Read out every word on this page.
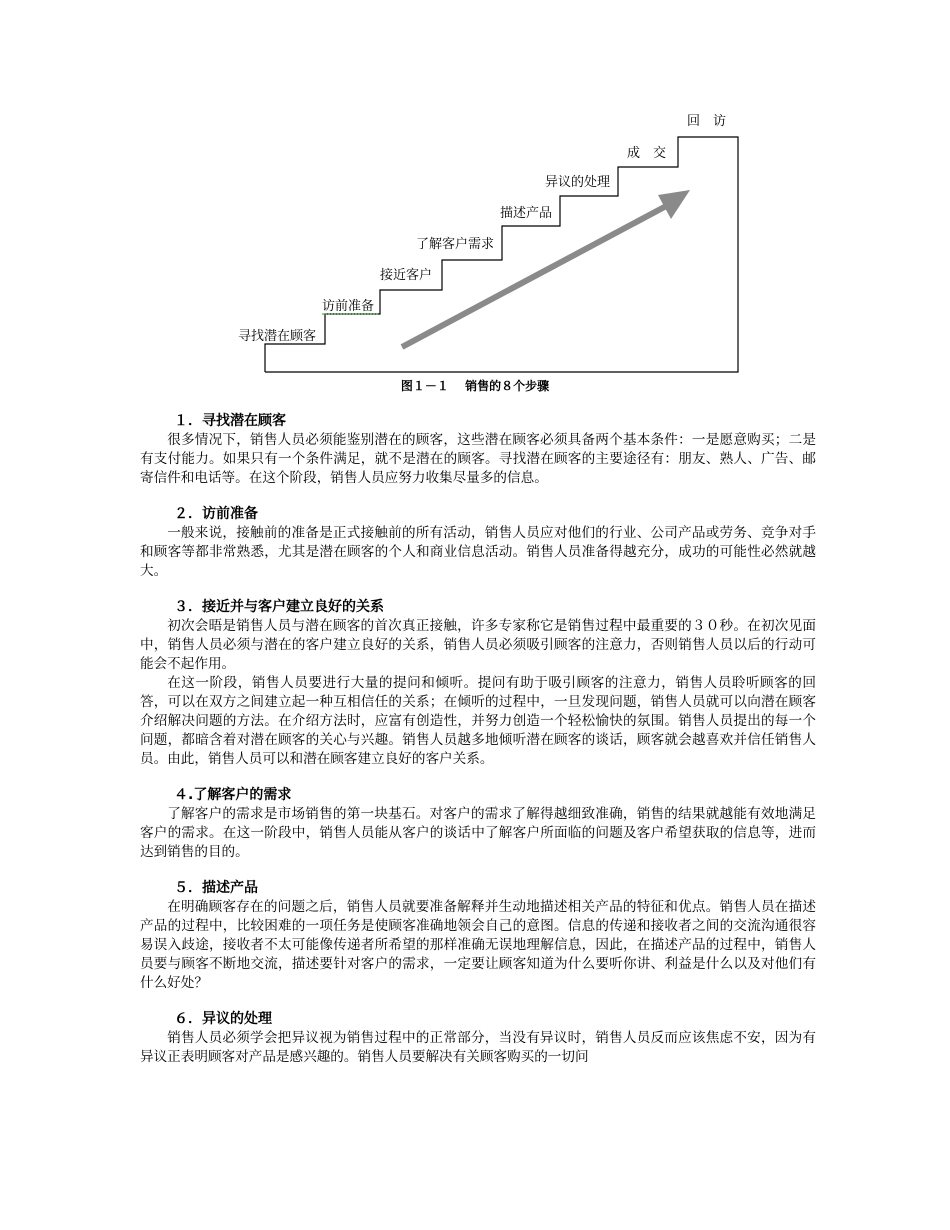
寻找潜在顾客
访前准备
接近客户
了解客户需求
描述产品
异议的处理
成　交
回　访
图１－１　 销售的８个步骤
１．寻找潜在顾客

很多情况下，销售人员必须能鉴别潜在的顾客，这些潜在顾客必须具备两个基本条件：一是愿意购买；二是有支付能力。如果只有一个条件满足，就不是潜在的顾客。寻找潜在顾客的主要途径有：朋友、熟人、广告、邮寄信件和电话等。在这个阶段，销售人员应努力收集尽量多的信息。

２．访前准备

一般来说，接触前的准备是正式接触前的所有活动，销售人员应对他们的行业、公司产品或劳务、竞争对手和顾客等都非常熟悉，尤其是潜在顾客的个人和商业信息活动。销售人员准备得越充分，成功的可能性必然就越大。

３．接近并与客户建立良好的关系

初次会晤是销售人员与潜在顾客的首次真正接触，许多专家称它是销售过程中最重要的３０秒。在初次见面中，销售人员必须与潜在的客户建立良好的关系，销售人员必须吸引顾客的注意力，否则销售人员以后的行动可能会不起作用。

在这一阶段，销售人员要进行大量的提问和倾听。提问有助于吸引顾客的注意力，销售人员聆听顾客的回答，可以在双方之间建立起一种互相信任的关系；在倾听的过程中，一旦发现问题，销售人员就可以向潜在顾客介绍解决问题的方法。在介绍方法时，应富有创造性，并努力创造一个轻松愉快的氛围。销售人员提出的每一个问题，都暗含着对潜在顾客的关心与兴趣。销售人员越多地倾听潜在顾客的谈话，顾客就会越喜欢并信任销售人员。由此，销售人员可以和潜在顾客建立良好的客户关系。

４.了解客户的需求

了解客户的需求是市场销售的第一块基石。对客户的需求了解得越细致准确，销售的结果就越能有效地满足客户的需求。在这一阶段中，销售人员能从客户的谈话中了解客户所面临的问题及客户希望获取的信息等，进而达到销售的目的。

５．描述产品

在明确顾客存在的问题之后，销售人员就要准备解释并生动地描述相关产品的特征和优点。销售人员在描述产品的过程中，比较困难的一项任务是使顾客准确地领会自己的意图。信息的传递和接收者之间的交流沟通很容易误入歧途，接收者不太可能像传递者所希望的那样准确无误地理解信息，因此，在描述产品的过程中，销售人员要与顾客不断地交流，描述要针对客户的需求，一定要让顾客知道为什么要听你讲、利益是什么以及对他们有什么好处？

６．异议的处理

销售人员必须学会把异议视为销售过程中的正常部分，当没有异议时，销售人员反而应该焦虑不安，因为有异议正表明顾客对产品是感兴趣的。销售人员要解决有关顾客购买的一切问
